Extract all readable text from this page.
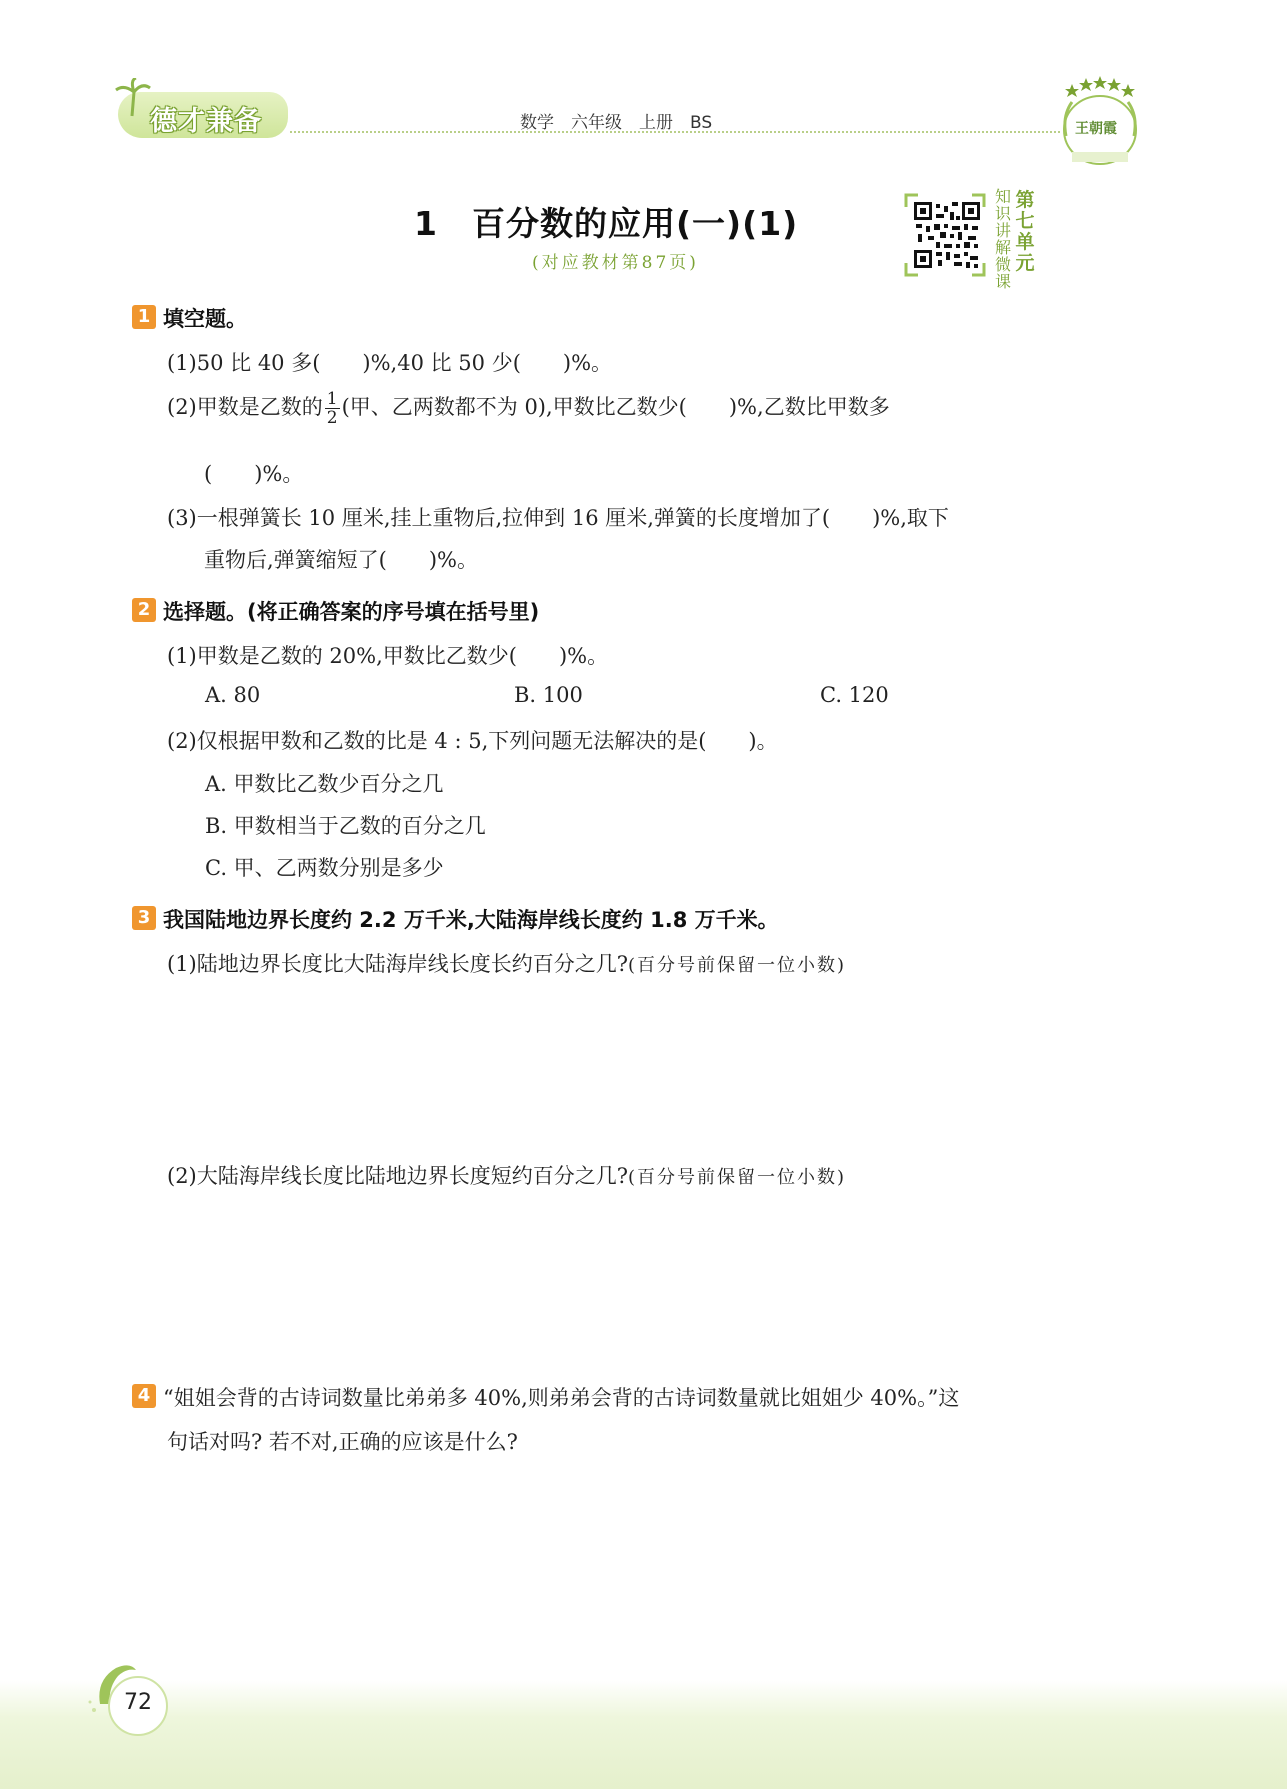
德才兼备	数学　六年级　上册　BS	王朝霞
1　百分数的应用(一)(1)
(对应教材第87页)
知
识
讲
解
微
课
第
七
单
元
1 填空题。
(1)50 比 40 多(　　)%,40 比 50 少(　　)%。
(2)甲数是乙数的 $\frac{1}{2}$ (甲、乙两数都不为 0),甲数比乙数少(　　)%,乙数比甲数多
(　　)%。
(3)一根弹簧长 10 厘米,挂上重物后,拉伸到 16 厘米,弹簧的长度增加了(　　)%,取下
重物后,弹簧缩短了(　　)%。
2 选择题。(将正确答案的序号填在括号里)
(1)甲数是乙数的 20%,甲数比乙数少(　　)%。
A. 80	B. 100	C. 120
(2)仅根据甲数和乙数的比是 4 : 5,下列问题无法解决的是(　　)。
A. 甲数比乙数少百分之几
B. 甲数相当于乙数的百分之几
C. 甲、乙两数分别是多少
3 我国陆地边界长度约 2.2 万千米,大陆海岸线长度约 1.8 万千米。
(1)陆地边界长度比大陆海岸线长度长约百分之几?(百分号前保留一位小数)
(2)大陆海岸线长度比陆地边界长度短约百分之几?(百分号前保留一位小数)
4 “姐姐会背的古诗词数量比弟弟多 40%,则弟弟会背的古诗词数量就比姐姐少 40%。”这
句话对吗? 若不对,正确的应该是什么?
72
